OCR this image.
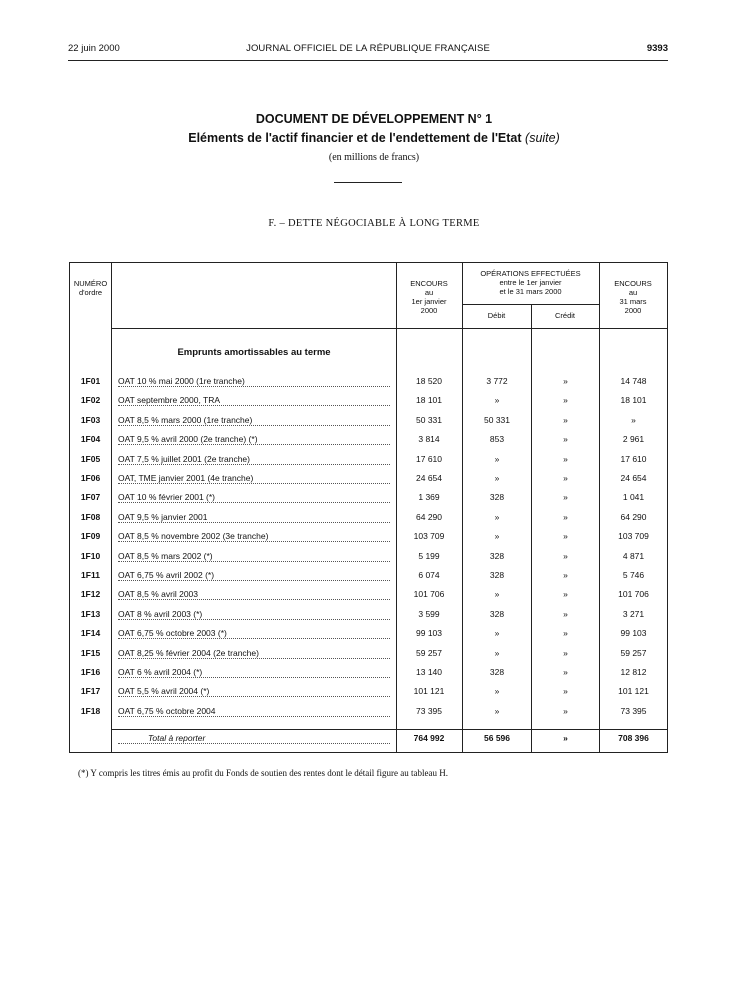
22 juin 2000	JOURNAL OFFICIEL DE LA RÉPUBLIQUE FRANÇAISE	9393
DOCUMENT DE DÉVELOPPEMENT N° 1
Eléments de l'actif financier et de l'endettement de l'Etat (suite)
(en millions de francs)
F. – DETTE NÉGOCIABLE À LONG TERME
NUMÉRO
d'ordre
ENCOURS
au
1er janvier
2000
OPÉRATIONS EFFECTUÉES
entre le 1er janvier
et le 31 mars 2000
Débit	Crédit
ENCOURS
au
31 mars
2000
Emprunts amortissables au terme
1F01	OAT 10 % mai 2000 (1re tranche)	18 520	3 772	»	14 748
1F02	OAT septembre 2000, TRA	18 101	»	»	18 101
1F03	OAT 8,5 % mars 2000 (1re tranche)	50 331	50 331	»	»
1F04	OAT 9,5 % avril 2000 (2e tranche) (*)	3 814	853	»	2 961
1F05	OAT 7,5 % juillet 2001 (2e tranche)	17 610	»	»	17 610
1F06	OAT, TME janvier 2001 (4e tranche)	24 654	»	»	24 654
1F07	OAT 10 % février 2001 (*)	1 369	328	»	1 041
1F08	OAT 9,5 % janvier 2001	64 290	»	»	64 290
1F09	OAT 8,5 % novembre 2002 (3e tranche)	103 709	»	»	103 709
1F10	OAT 8,5 % mars 2002 (*)	5 199	328	»	4 871
1F11	OAT 6,75 % avril 2002 (*)	6 074	328	»	5 746
1F12	OAT 8,5 % avril 2003	101 706	»	»	101 706
1F13	OAT 8 % avril 2003 (*)	3 599	328	»	3 271
1F14	OAT 6,75 % octobre 2003 (*)	99 103	»	»	99 103
1F15	OAT 8,25 % février 2004 (2e tranche)	59 257	»	»	59 257
1F16	OAT 6 % avril 2004 (*)	13 140	328	»	12 812
1F17	OAT 5,5 % avril 2004 (*)	101 121	»	»	101 121
1F18	OAT 6,75 % octobre 2004	73 395	»	»	73 395
Total à reporter	764 992	56 596	»	708 396
(*) Y compris les titres émis au profit du Fonds de soutien des rentes dont le détail figure au tableau H.
